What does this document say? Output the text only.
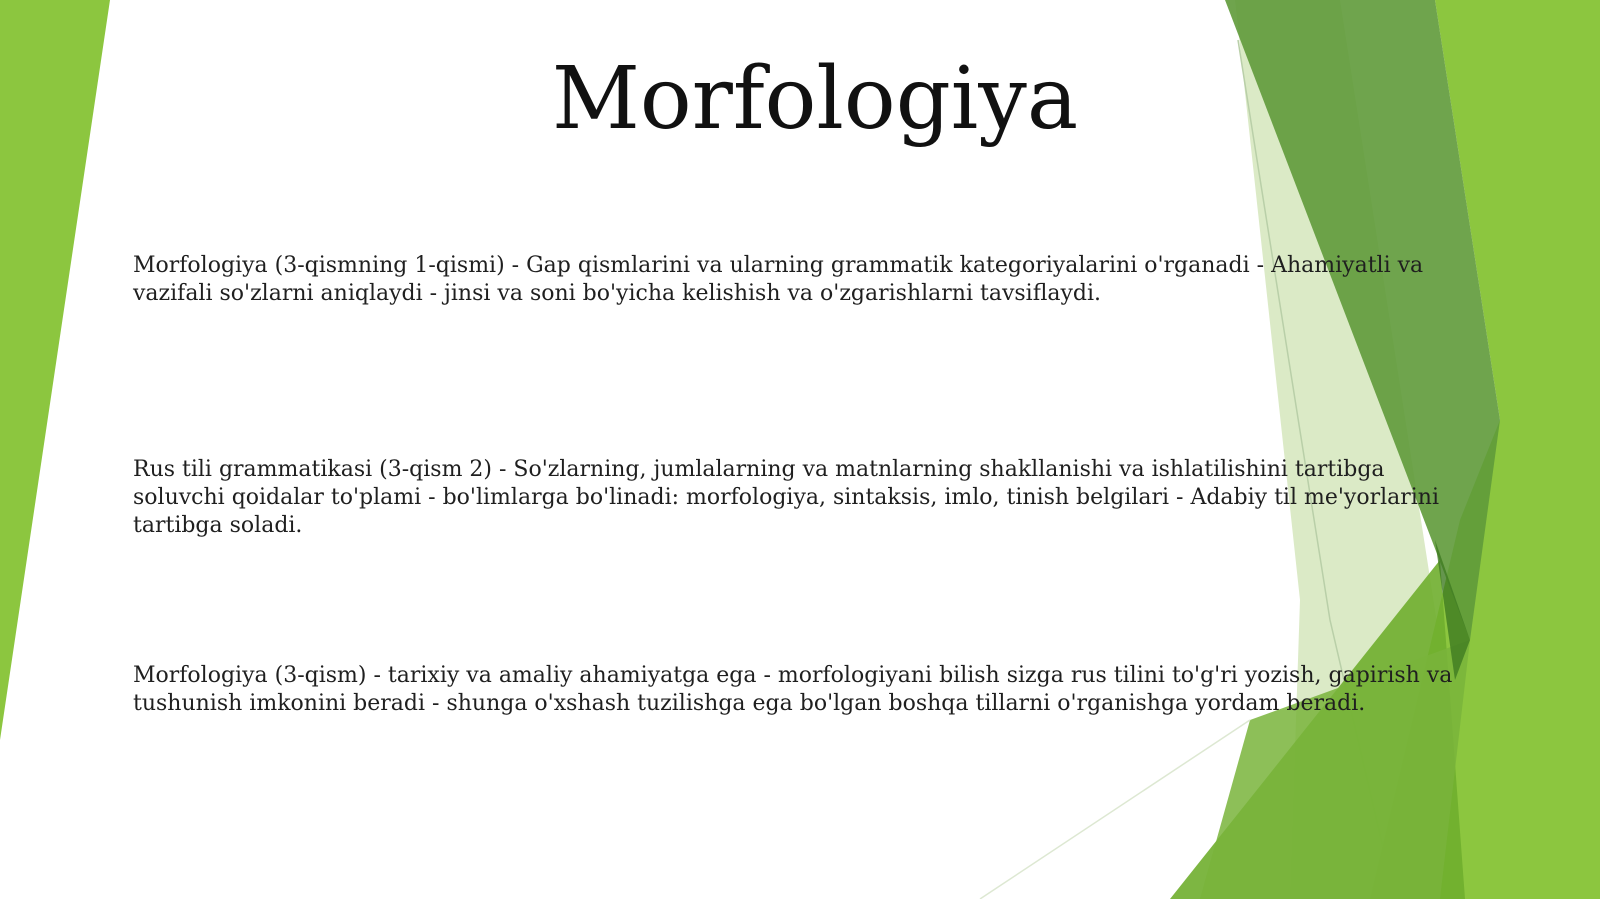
Morfologiya

Morfologiya (3-qismning 1-qismi) - Gap qismlarini va ularning grammatik kategoriyalarini o'rganadi - Ahamiyatli va vazifali so'zlarni aniqlaydi - jinsi va soni bo'yicha kelishish va o'zgarishlarni tavsiflaydi.

Rus tili grammatikasi (3-qism 2) - So'zlarning, jumlalarning va matnlarning shakllanishi va ishlatilishini tartibga soluvchi qoidalar to'plami - bo'limlarga bo'linadi: morfologiya, sintaksis, imlo, tinish belgilari - Adabiy til me'yorlarini tartibga soladi.

Morfologiya (3-qism) - tarixiy va amaliy ahamiyatga ega - morfologiyani bilish sizga rus tilini to'g'ri yozish, gapirish va tushunish imkonini beradi - shunga o'xshash tuzilishga ega bo'lgan boshqa tillarni o'rganishga yordam beradi.
